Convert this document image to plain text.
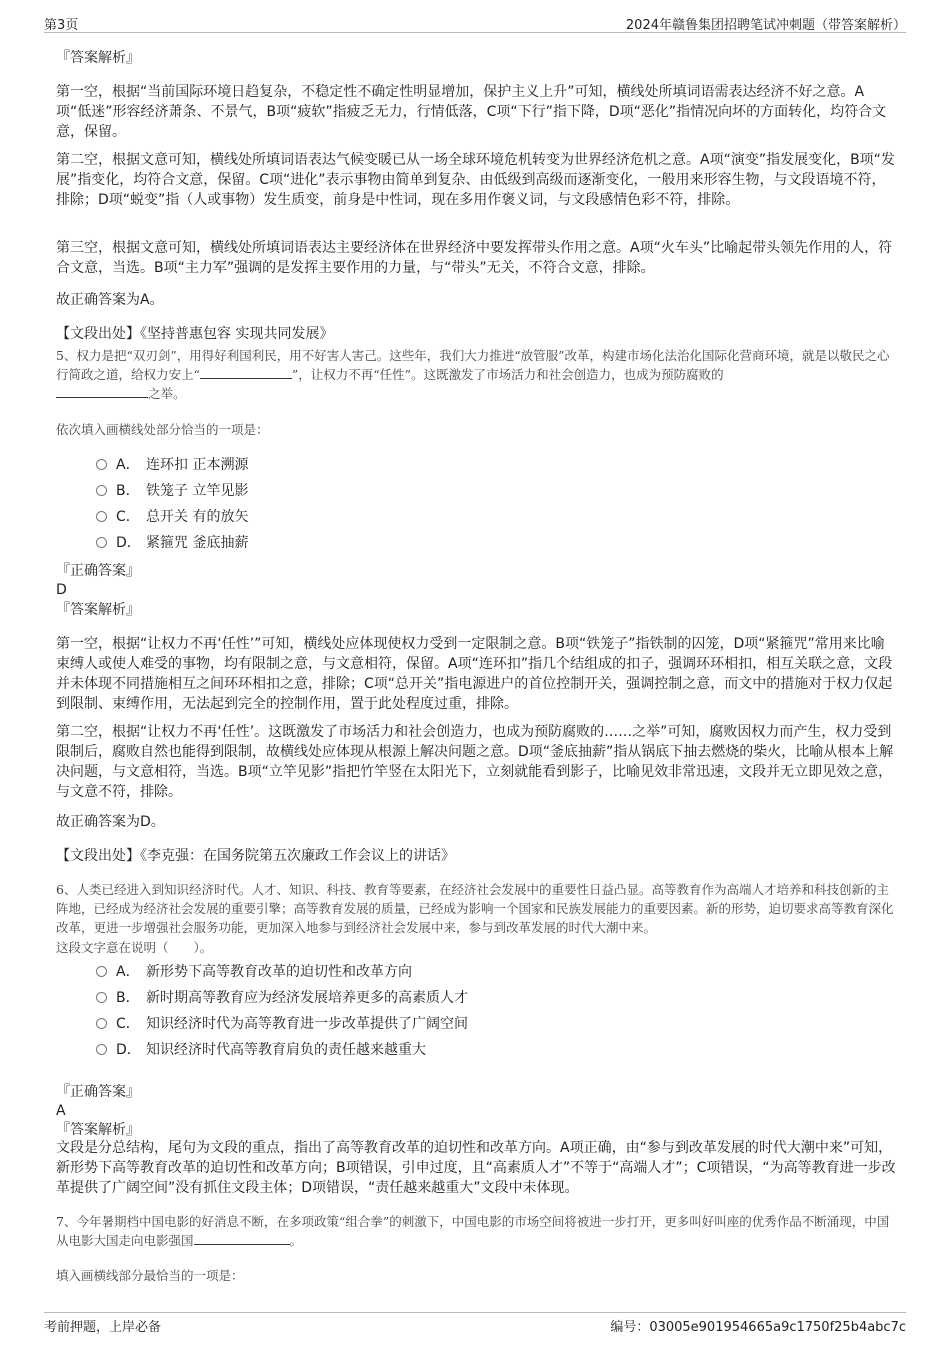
第3页	2024年赣鲁集团招聘笔试冲刺题（带答案解析）
『答案解析』

第一空，根据“当前国际环境日趋复杂，不稳定性不确定性明显增加，保护主义上升”可知，横线处所填词语需表达经济不好之意。A项“低迷”形容经济萧条、不景气，B项“疲软”指疲乏无力，行情低落，C项“下行”指下降，D项“恶化”指情况向坏的方面转化，均符合文意，保留。

第二空，根据文意可知，横线处所填词语表达气候变暖已从一场全球环境危机转变为世界经济危机之意。A项“演变”指发展变化，B项“发展”指变化，均符合文意，保留。C项“进化”表示事物由简单到复杂、由低级到高级而逐渐变化，一般用来形容生物，与文段语境不符，排除；D项“蜕变”指（人或事物）发生质变，前身是中性词，现在多用作褒义词，与文段感情色彩不符，排除。

第三空，根据文意可知，横线处所填词语表达主要经济体在世界经济中要发挥带头作用之意。A项“火车头”比喻起带头领先作用的人，符合文意，当选。B项“主力军”强调的是发挥主要作用的力量，与“带头”无关，不符合文意，排除。

故正确答案为A。
【文段出处】《坚持普惠包容 实现共同发展》

5、权力是把“双刃剑”，用得好利国利民，用不好害人害己。这些年，我们大力推进“放管服”改革，构建市场化法治化国际化营商环境，就是以敬民之心行简政之道，给权力安上“	”，让权力不再“任性”。这既激发了市场活力和社会创造力，也成为预防腐败的
之举。

依次填入画横线处部分恰当的一项是：
A． 连环扣 正本溯源
B． 铁笼子 立竿见影
C． 总开关 有的放矢
D． 紧箍咒 釜底抽薪
『正确答案』
D
『答案解析』

第一空，根据“让权力不再‘任性’”可知，横线处应体现使权力受到一定限制之意。B项“铁笼子”指铁制的囚笼，D项“紧箍咒”常用来比喻束缚人或使人难受的事物，均有限制之意，与文意相符，保留。A项“连环扣”指几个结组成的扣子，强调环环相扣，相互关联之意，文段并未体现不同措施相互之间环环相扣之意，排除；C项“总开关”指电源进户的首位控制开关，强调控制之意，而文中的措施对于权力仅起到限制、束缚作用，无法起到完全的控制作用，置于此处程度过重，排除。

第二空，根据“让权力不再‘任性’。这既激发了市场活力和社会创造力，也成为预防腐败的……之举”可知，腐败因权力而产生，权力受到限制后，腐败自然也能得到限制，故横线处应体现从根源上解决问题之意。D项“釜底抽薪”指从锅底下抽去燃烧的柴火，比喻从根本上解决问题，与文意相符，当选。B项“立竿见影”指把竹竿竖在太阳光下，立刻就能看到影子，比喻见效非常迅速，文段并无立即见效之意，与文意不符，排除。

故正确答案为D。
【文段出处】《李克强：在国务院第五次廉政工作会议上的讲话》

6、人类已经进入到知识经济时代。人才、知识、科技、教育等要素，在经济社会发展中的重要性日益凸显。高等教育作为高端人才培养和科技创新的主阵地，已经成为经济社会发展的重要引擎；高等教育发展的质量，已经成为影响一个国家和民族发展能力的重要因素。新的形势，迫切要求高等教育深化改革，更进一步增强社会服务功能，更加深入地参与到经济社会发展中来，参与到改革发展的时代大潮中来。

这段文字意在说明（　　）。
A． 新形势下高等教育改革的迫切性和改革方向
B． 新时期高等教育应为经济发展培养更多的高素质人才
C． 知识经济时代为高等教育进一步改革提供了广阔空间
D． 知识经济时代高等教育肩负的责任越来越重大
『正确答案』
A
『答案解析』

文段是分总结构，尾句为文段的重点，指出了高等教育改革的迫切性和改革方向。A项正确，由“参与到改革发展的时代大潮中来”可知，新形势下高等教育改革的迫切性和改革方向；B项错误，引申过度，且“高素质人才”不等于“高端人才”；C项错误，“为高等教育进一步改革提供了广阔空间”没有抓住文段主体；D项错误，“责任越来越重大”文段中未体现。

7、今年暑期档中国电影的好消息不断，在多项政策“组合拳”的刺激下，中国电影的市场空间将被进一步打开，更多叫好叫座的优秀作品不断涌现，中国从电影大国走向电影强国	。

填入画横线部分最恰当的一项是：
考前押题，上岸必备	编号：03005e901954665a9c1750f25b4abc7c
